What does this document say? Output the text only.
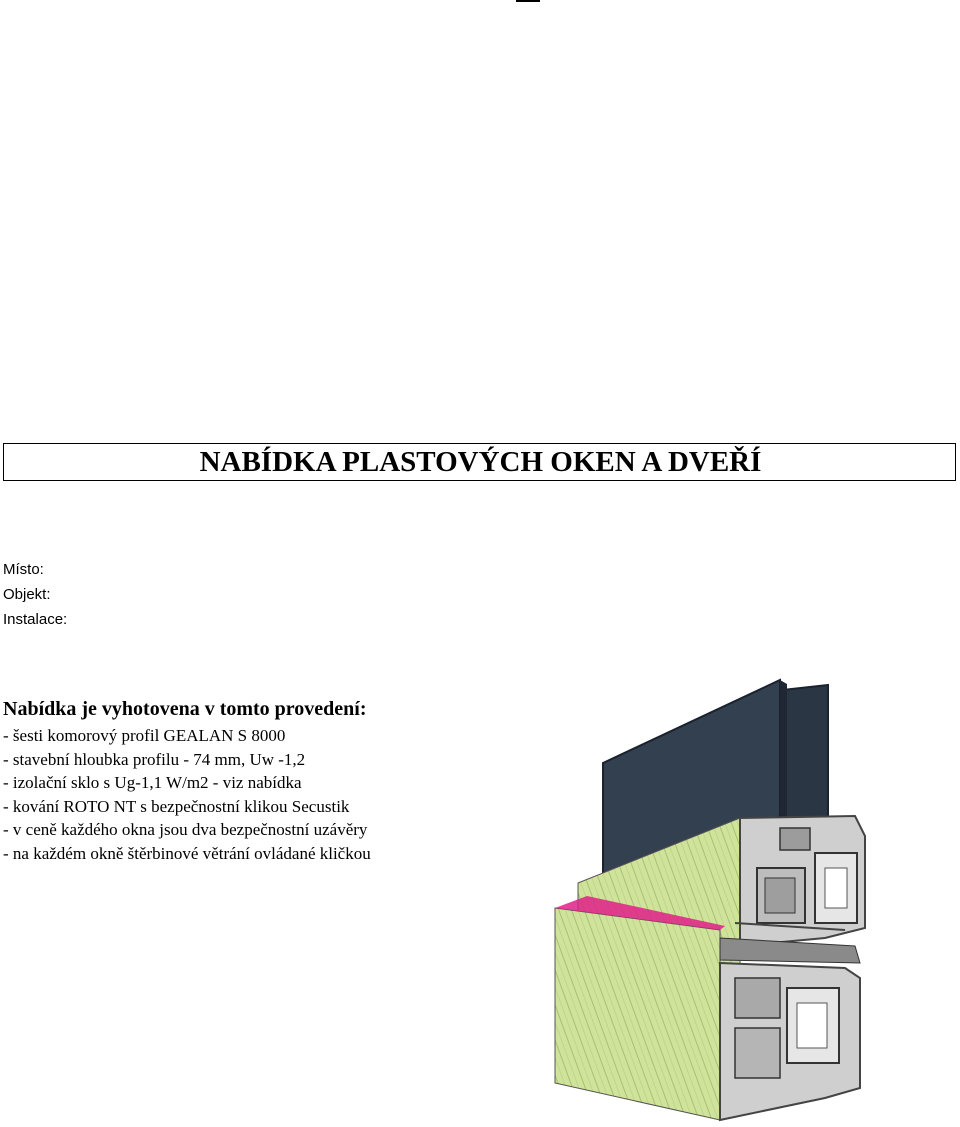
NABÍDKA PLASTOVÝCH OKEN A DVEŘÍ
Místo:
Objekt:
Instalace:
Nabídka je vyhotovena v tomto provedení:
- šesti komorový profil GEALAN S 8000
- stavební hloubka profilu - 74 mm, Uw -1,2
- izolační sklo s Ug-1,1 W/m2 - viz nabídka
- kování ROTO NT s bezpečnostní klikou Secustik
- v ceně každého okna jsou dva bezpečnostní uzávěry
- na každém okně štěrbinové větrání ovládané kličkou
